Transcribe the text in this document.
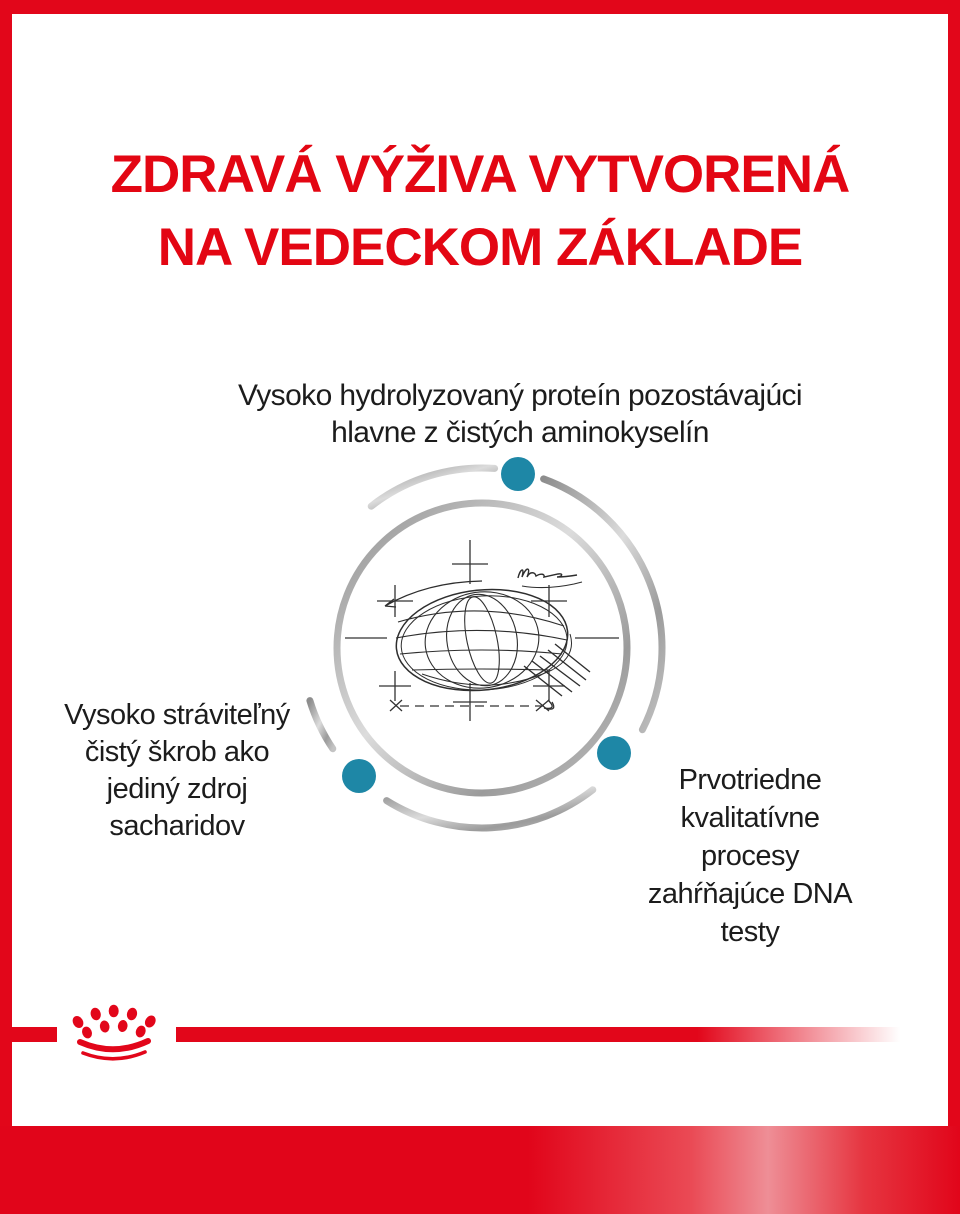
ZDRAVÁ VÝŽIVA VYTVORENÁ
NA VEDECKOM ZÁKLADE
Vysoko hydrolyzovaný proteín pozostávajúci
hlavne z čistých aminokyselín
Vysoko stráviteľný
čistý škrob ako
jediný zdroj
sacharidov
Prvotriedne
kvalitatívne
procesy
zahŕňajúce DNA
testy
